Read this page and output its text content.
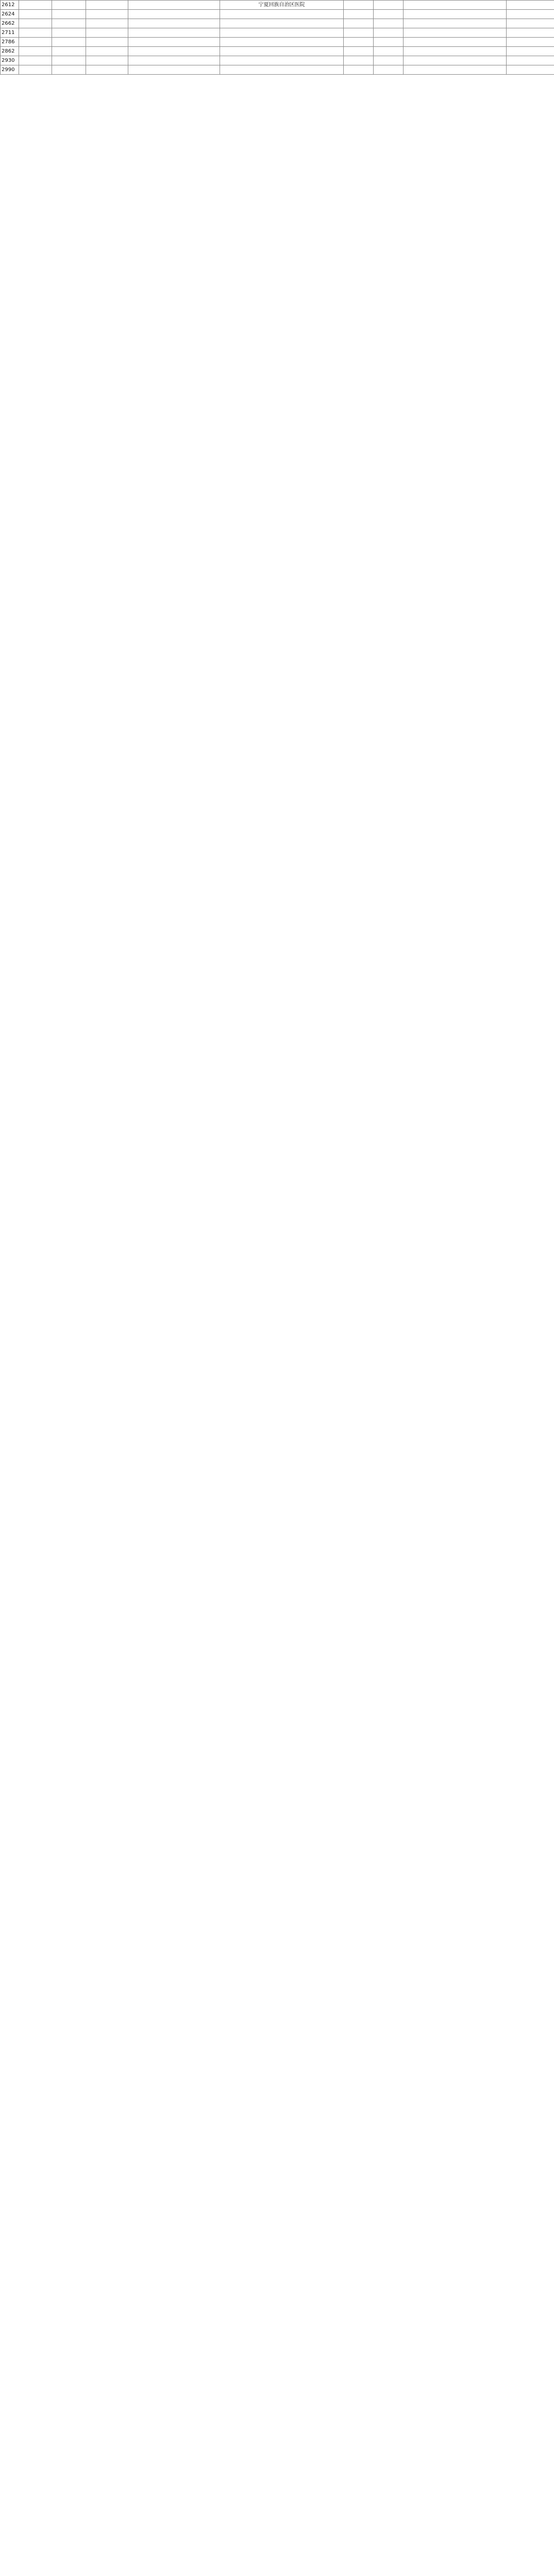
2612					宁夏回族自治区医院				
2624									
2662									
2711									
2786									
2862									
2930									
2990									
